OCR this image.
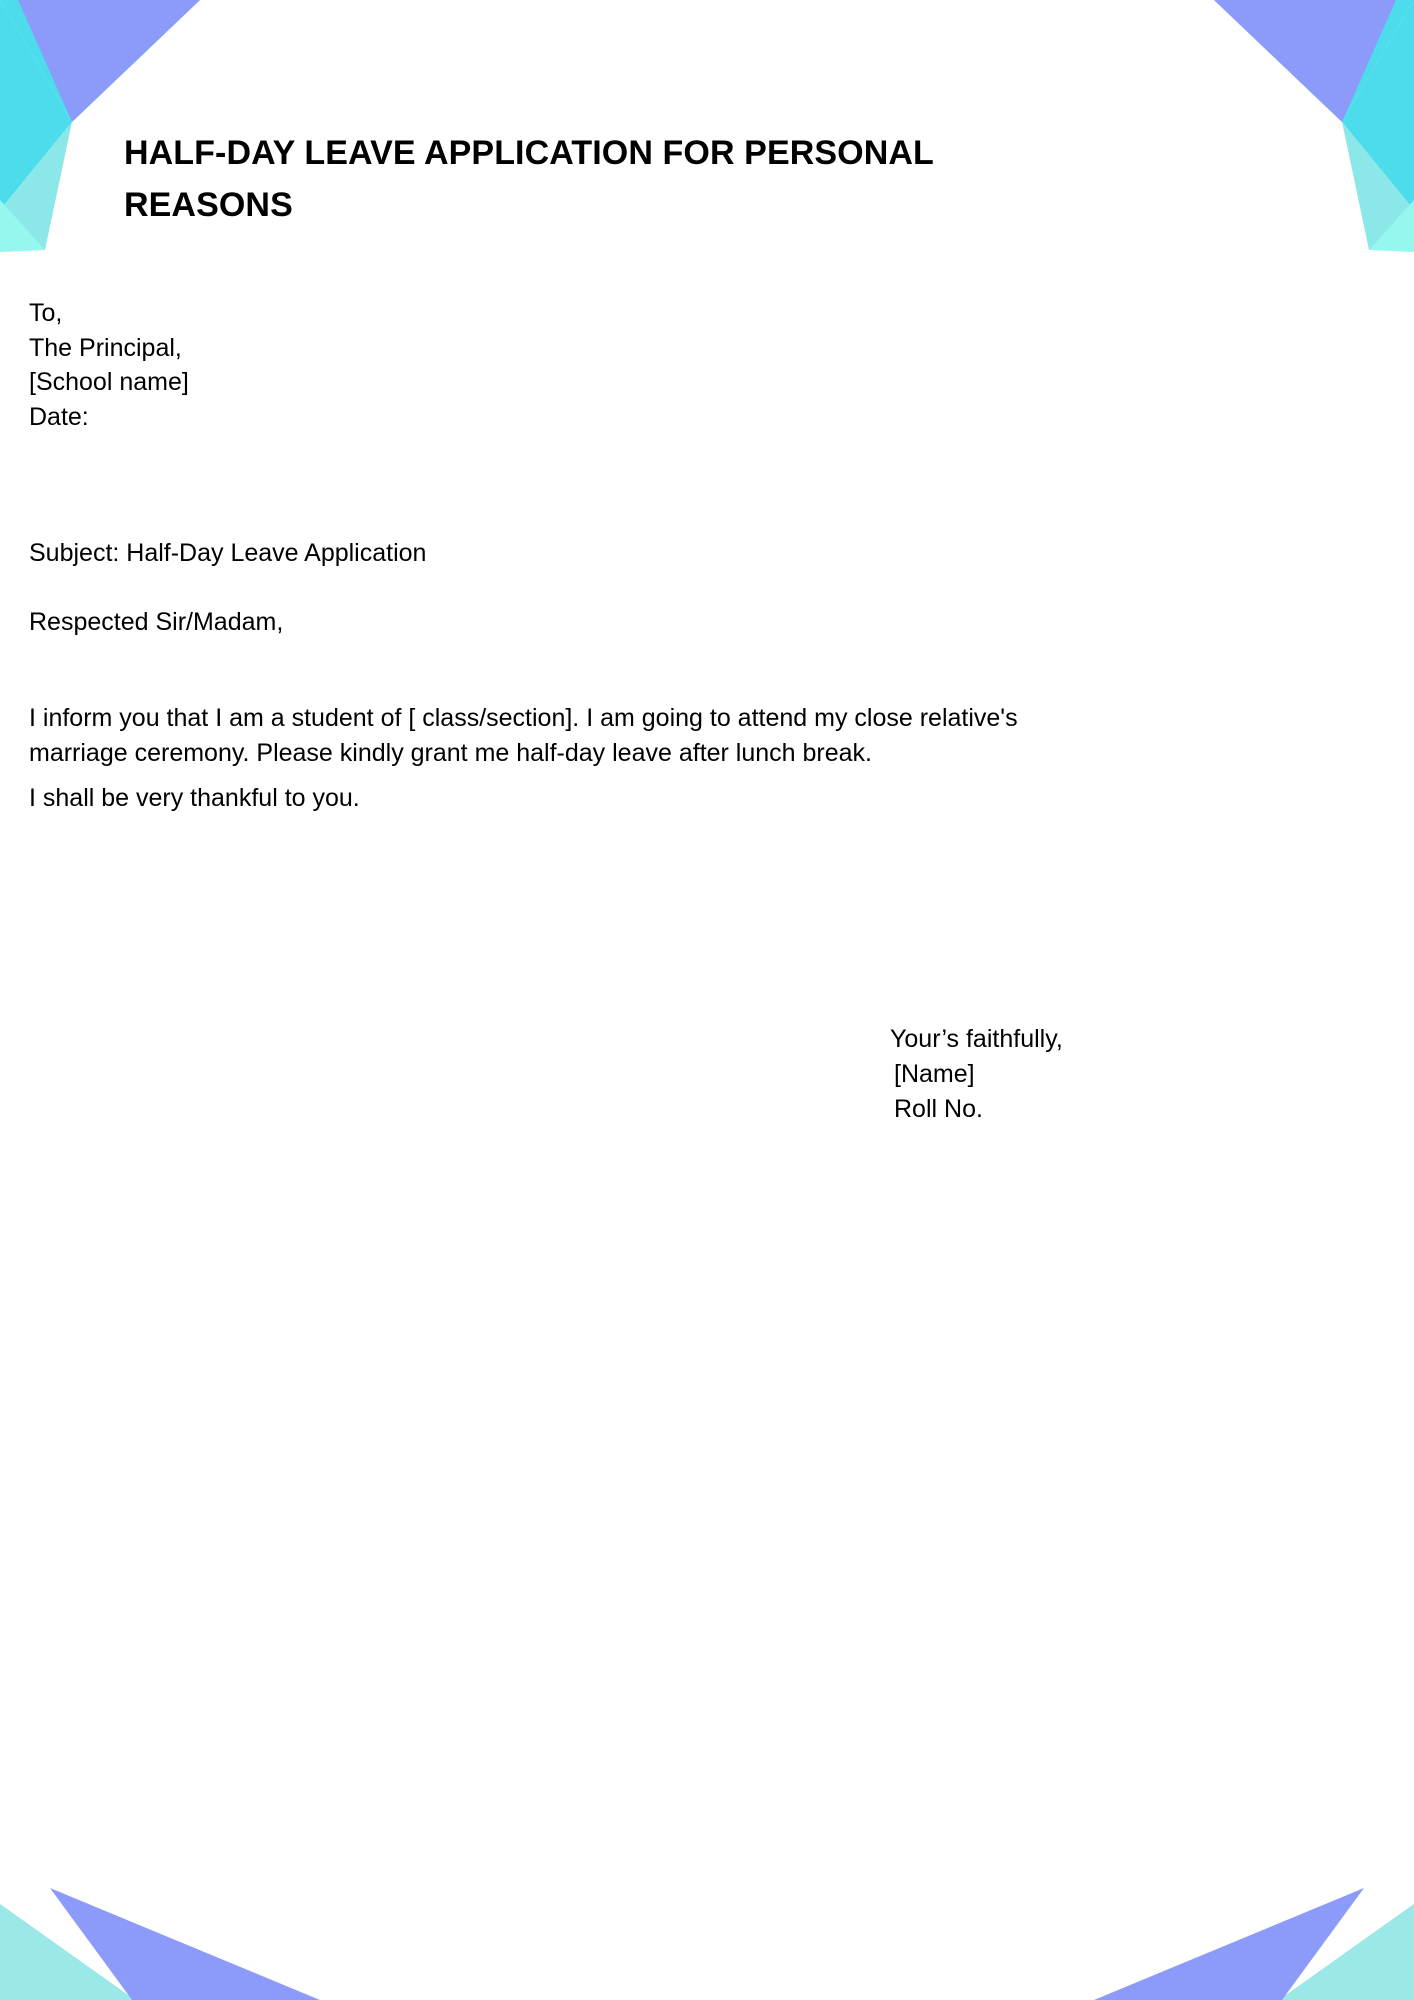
HALF-DAY LEAVE APPLICATION FOR PERSONAL REASONS
To,
The Principal,
[School name]
Date:
Subject: Half-Day Leave Application
Respected Sir/Madam,

I inform you that I am a student of [ class/section]. I am going to attend my close relative's marriage ceremony. Please kindly grant me half-day leave after lunch break.

I shall be very thankful to you.
Your’s faithfully,
[Name]
Roll No.
